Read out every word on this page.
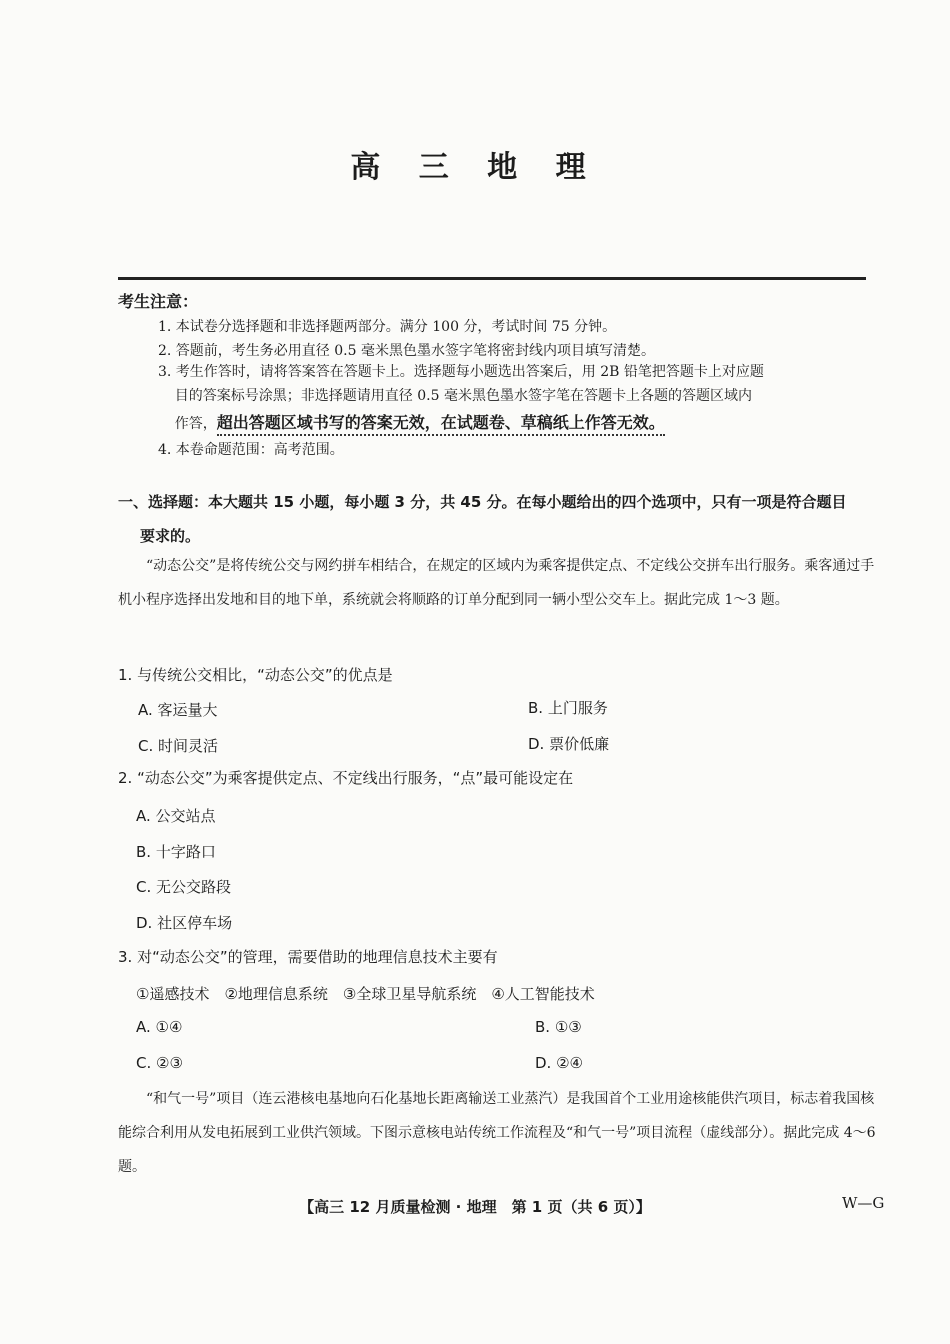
高 三 地 理
考生注意：
1. 本试卷分选择题和非选择题两部分。满分 100 分，考试时间 75 分钟。
2. 答题前，考生务必用直径 0.5 毫米黑色墨水签字笔将密封线内项目填写清楚。
3. 考生作答时，请将答案答在答题卡上。选择题每小题选出答案后，用 2B 铅笔把答题卡上对应题
目的答案标号涂黑；非选择题请用直径 0.5 毫米黑色墨水签字笔在答题卡上各题的答题区域内
作答，超出答题区域书写的答案无效，在试题卷、草稿纸上作答无效。
4. 本卷命题范围：高考范围。
一、选择题：本大题共 15 小题，每小题 3 分，共 45 分。在每小题给出的四个选项中，只有一项是符合题目
要求的。
“动态公交”是将传统公交与网约拼车相结合，在规定的区域内为乘客提供定点、不定线公交拼车出行服务。乘客通过手机小程序选择出发地和目的地下单，系统就会将顺路的订单分配到同一辆小型公交车上。据此完成 1～3 题。
1. 与传统公交相比，“动态公交”的优点是
A. 客运量大	B. 上门服务
C. 时间灵活	D. 票价低廉
2. “动态公交”为乘客提供定点、不定线出行服务，“点”最可能设定在
A. 公交站点
B. 十字路口
C. 无公交路段
D. 社区停车场
3. 对“动态公交”的管理，需要借助的地理信息技术主要有
①遥感技术　②地理信息系统　③全球卫星导航系统　④人工智能技术
A. ①④	B. ①③
C. ②③	D. ②④
“和气一号”项目（连云港核电基地向石化基地长距离输送工业蒸汽）是我国首个工业用途核能供汽项目，标志着我国核能综合利用从发电拓展到工业供汽领域。下图示意核电站传统工作流程及“和气一号”项目流程（虚线部分）。据此完成 4～6 题。
【高三 12 月质量检测 · 地理　第 1 页（共 6 页）】	W—G
